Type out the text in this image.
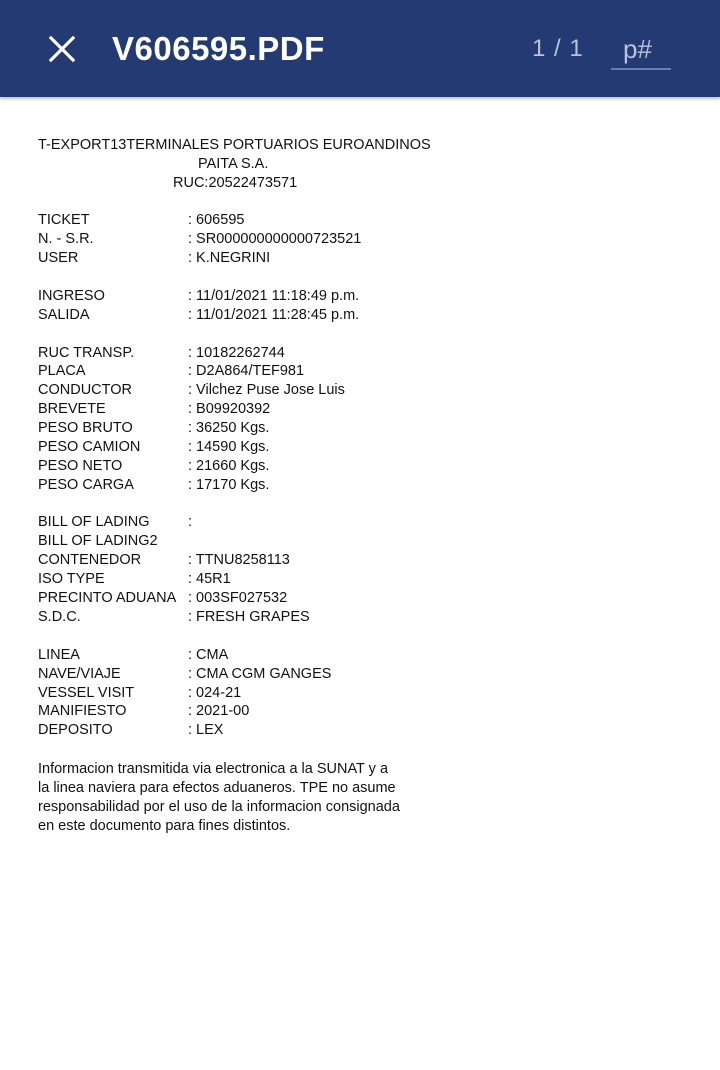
V606595.PDF	1 / 1
p#
T-EXPORT13TERMINALES PORTUARIOS EUROANDINOS
PAITA S.A.
RUC:20522473571
TICKET	: 606595
N. - S.R.	: SR000000000000723521
USER	: K.NEGRINI
INGRESO	: 11/01/2021 11:18:49 p.m.
SALIDA	: 11/01/2021 11:28:45 p.m.
RUC TRANSP.	: 10182262744
PLACA	: D2A864/TEF981
CONDUCTOR	: Vilchez Puse Jose Luis
BREVETE	: B09920392
PESO BRUTO	: 36250 Kgs.
PESO CAMION	: 14590 Kgs.
PESO NETO	: 21660 Kgs.
PESO CARGA	: 17170 Kgs.
BILL OF LADING	:
BILL OF LADING2
CONTENEDOR	: TTNU8258113
ISO TYPE	: 45R1
PRECINTO ADUANA : 003SF027532
S.D.C.	: FRESH GRAPES
LINEA	: CMA
NAVE/VIAJE	: CMA CGM GANGES
VESSEL VISIT	: 024-21
MANIFIESTO	: 2021-00
DEPOSITO	: LEX
Informacion transmitida via electronica a la SUNAT y a
la linea naviera para efectos aduaneros. TPE no asume
responsabilidad por el uso de la informacion consignada
en este documento para fines distintos.
